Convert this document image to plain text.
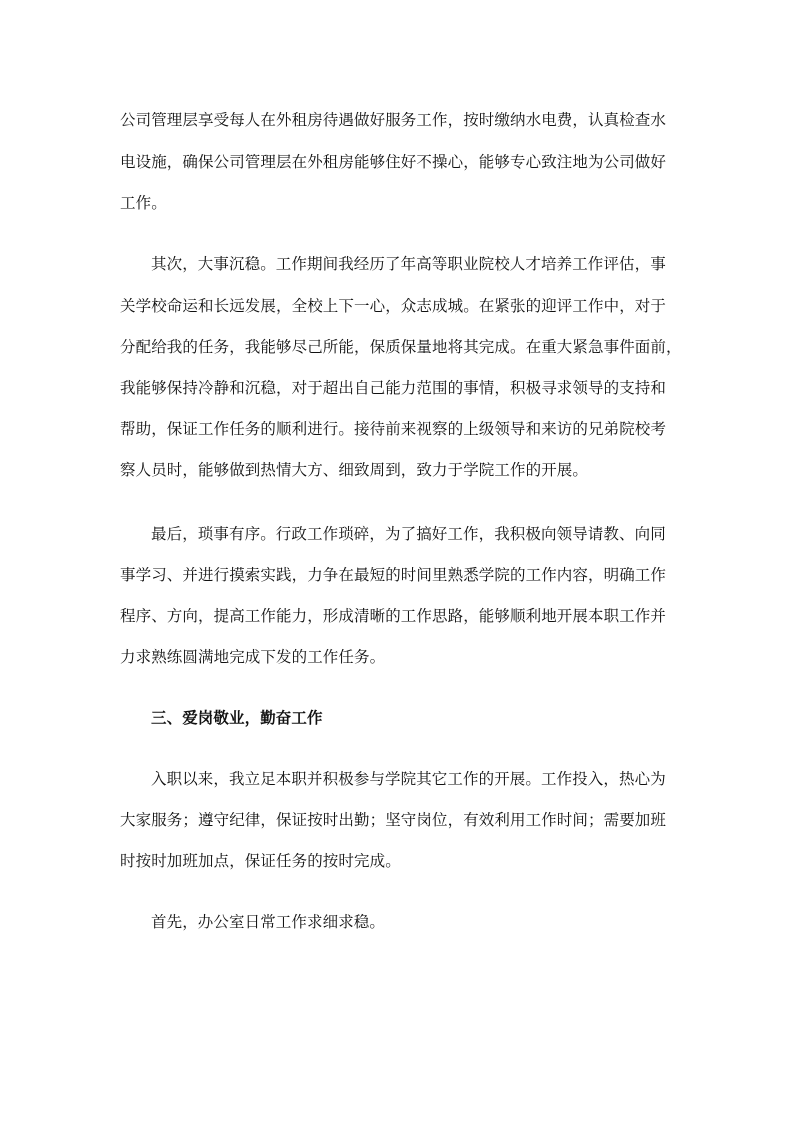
公司管理层享受每人在外租房待遇做好服务工作，按时缴纳水电费，认真检查水
电设施，确保公司管理层在外租房能够住好不操心，能够专心致注地为公司做好
工作。
其次，大事沉稳。工作期间我经历了年高等职业院校人才培养工作评估，事
关学校命运和长远发展，全校上下一心，众志成城。在紧张的迎评工作中，对于
分配给我的任务，我能够尽己所能，保质保量地将其完成。在重大紧急事件面前，
我能够保持冷静和沉稳，对于超出自己能力范围的事情，积极寻求领导的支持和
帮助，保证工作任务的顺利进行。接待前来视察的上级领导和来访的兄弟院校考
察人员时，能够做到热情大方、细致周到，致力于学院工作的开展。
最后，琐事有序。行政工作琐碎，为了搞好工作，我积极向领导请教、向同
事学习、并进行摸索实践，力争在最短的时间里熟悉学院的工作内容，明确工作
程序、方向，提高工作能力，形成清晰的工作思路，能够顺利地开展本职工作并
力求熟练圆满地完成下发的工作任务。
三、爱岗敬业，勤奋工作
入职以来，我立足本职并积极参与学院其它工作的开展。工作投入，热心为
大家服务；遵守纪律，保证按时出勤；坚守岗位，有效利用工作时间；需要加班
时按时加班加点，保证任务的按时完成。
首先，办公室日常工作求细求稳。
